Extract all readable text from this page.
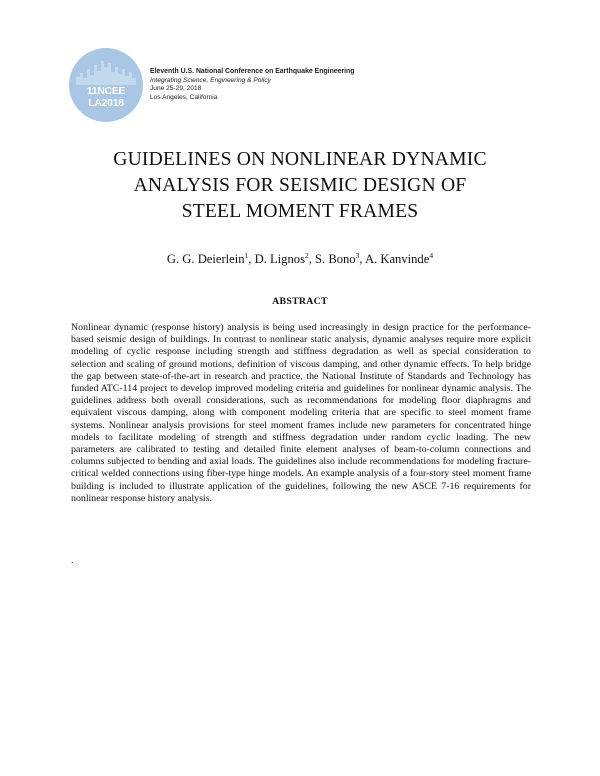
11NCEE
LA2018
Eleventh U.S. National Conference on Earthquake Engineering
Integrating Science, Engineering & Policy
June 25-29, 2018
Los Angeles, California
GUIDELINES ON NONLINEAR DYNAMIC
ANALYSIS FOR SEISMIC DESIGN OF
STEEL MOMENT FRAMES
G. G. Deierlein$^1$, D. Lignos$^2$, S. Bono$^3$, A. Kanvinde$^4$
ABSTRACT

Nonlinear dynamic (response history) analysis is being used increasingly in design practice for the performance-based seismic design of buildings. In contrast to nonlinear static analysis, dynamic analyses require more explicit modeling of cyclic response including strength and stiffness degradation as well as special consideration to selection and scaling of ground motions, definition of viscous damping, and other dynamic effects. To help bridge the gap between state-of-the-art in research and practice, the National Institute of Standards and Technology has funded ATC-114 project to develop improved modeling criteria and guidelines for nonlinear dynamic analysis. The guidelines address both overall considerations, such as recommendations for modeling floor diaphragms and equivalent viscous damping, along with component modeling criteria that are specific to steel moment frame systems. Nonlinear analysis provisions for steel moment frames include new parameters for concentrated hinge models to facilitate modeling of strength and stiffness degradation under random cyclic loading. The new parameters are calibrated to testing and detailed finite element analyses of beam-to-column connections and columns subjected to bending and axial loads. The guidelines also include recommendations for modeling fracture-critical welded connections using fiber-type hinge models. An example analysis of a four-story steel moment frame building is included to illustrate application of the guidelines, following the new ASCE 7-16 requirements for nonlinear response history analysis.

.
